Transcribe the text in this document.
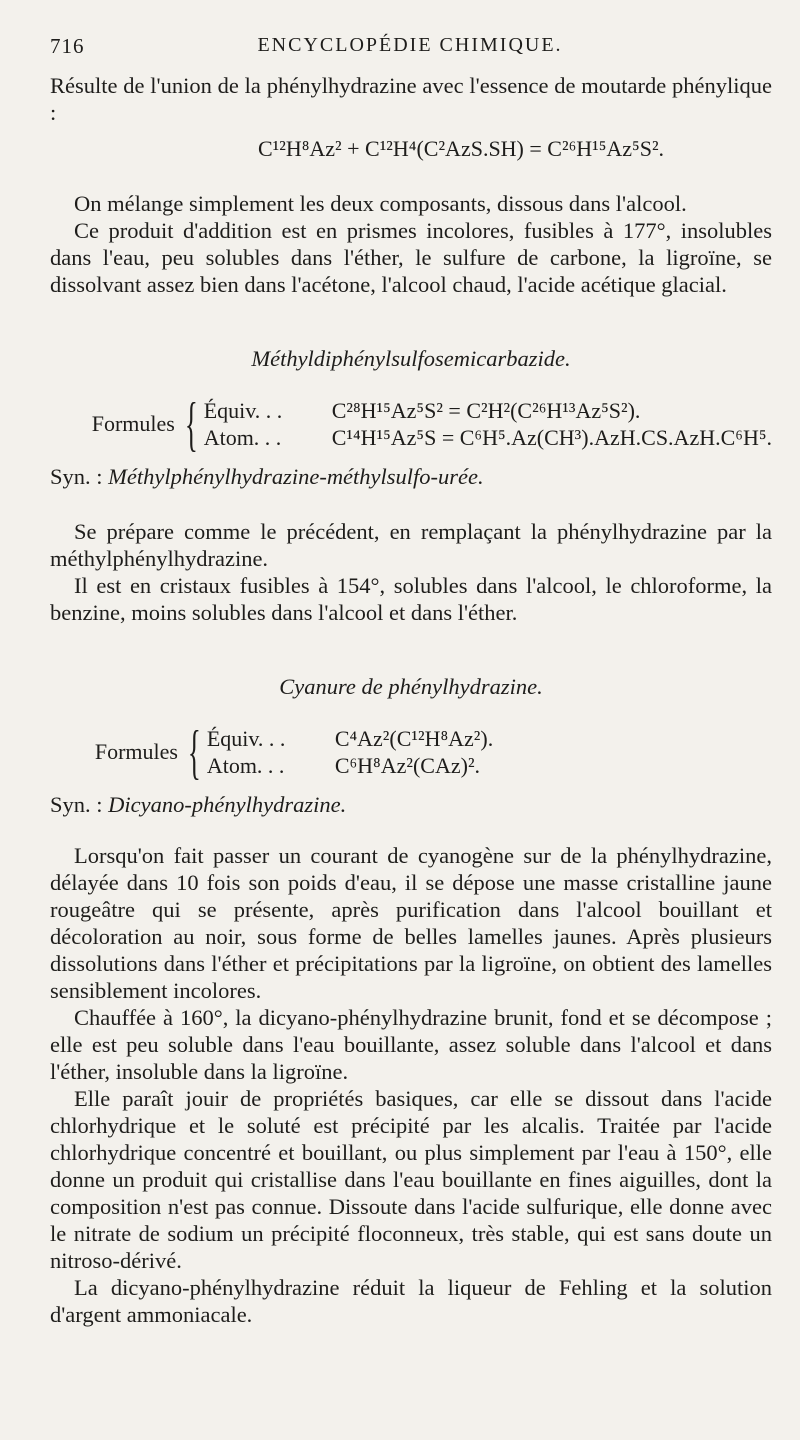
716	ENCYCLOPÉDIE CHIMIQUE.

Résulte de l'union de la phénylhydrazine avec l'essence de moutarde phénylique :

C¹²H⁸Az² + C¹²H⁴(C²AzS.SH) = C²⁶H¹⁵Az⁵S².

On mélange simplement les deux composants, dissous dans l'alcool.

Ce produit d'addition est en prismes incolores, fusibles à 177°, insolubles dans l'eau, peu solubles dans l'éther, le sulfure de carbone, la ligroïne, se dissolvant assez bien dans l'acétone, l'alcool chaud, l'acide acétique glacial.

Méthyldiphénylsulfosemicarbazide.
Formules { Équiv. . . C²⁸H¹⁵Az⁵S² = C²H²(C²⁶H¹³Az⁵S²).
Atom. . . C¹⁴H¹⁵Az⁵S = C⁶H⁵.Az(CH³).AzH.CS.AzH.C⁶H⁵.
Syn. : Méthylphénylhydrazine-méthylsulfo-urée.

Se prépare comme le précédent, en remplaçant la phénylhydrazine par la méthylphénylhydrazine.

Il est en cristaux fusibles à 154°, solubles dans l'alcool, le chloroforme, la benzine, moins solubles dans l'alcool et dans l'éther.

Cyanure de phénylhydrazine.
Formules { Équiv. . . C⁴Az²(C¹²H⁸Az²).
Atom. . . C⁶H⁸Az²(CAz)².
Syn. : Dicyano-phénylhydrazine.

Lorsqu'on fait passer un courant de cyanogène sur de la phénylhydrazine, délayée dans 10 fois son poids d'eau, il se dépose une masse cristalline jaune rougeâtre qui se présente, après purification dans l'alcool bouillant et décoloration au noir, sous forme de belles lamelles jaunes. Après plusieurs dissolutions dans l'éther et précipitations par la ligroïne, on obtient des lamelles sensiblement incolores.

Chauffée à 160°, la dicyano-phénylhydrazine brunit, fond et se décompose ; elle est peu soluble dans l'eau bouillante, assez soluble dans l'alcool et dans l'éther, insoluble dans la ligroïne.

Elle paraît jouir de propriétés basiques, car elle se dissout dans l'acide chlorhydrique et le soluté est précipité par les alcalis. Traitée par l'acide chlorhydrique concentré et bouillant, ou plus simplement par l'eau à 150°, elle donne un produit qui cristallise dans l'eau bouillante en fines aiguilles, dont la composition n'est pas connue. Dissoute dans l'acide sulfurique, elle donne avec le nitrate de sodium un précipité floconneux, très stable, qui est sans doute un nitroso-dérivé.

La dicyano-phénylhydrazine réduit la liqueur de Fehling et la solution d'argent ammoniacale.
